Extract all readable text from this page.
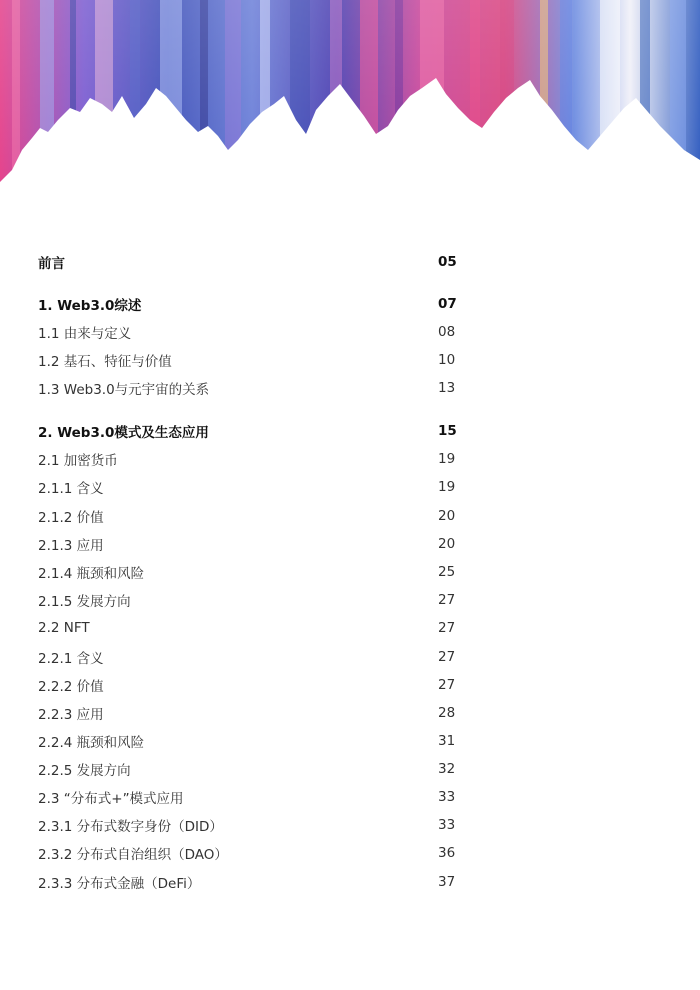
前言	05
1. Web3.0综述	07
1.1 由来与定义	08
1.2 基石、特征与价值	10
1.3 Web3.0与元宇宙的关系	13
2. Web3.0模式及生态应用	15
2.1 加密货币	19
2.1.1 含义	19
2.1.2 价值	20
2.1.3 应用	20
2.1.4 瓶颈和风险	25
2.1.5 发展方向	27
2.2 NFT	27
2.2.1 含义	27
2.2.2 价值	27
2.2.3 应用	28
2.2.4 瓶颈和风险	31
2.2.5 发展方向	32
2.3 “分布式+”模式应用	33
2.3.1 分布式数字身份（DID）	33
2.3.2 分布式自治组织（DAO）	36
2.3.3 分布式金融（DeFi）	37
